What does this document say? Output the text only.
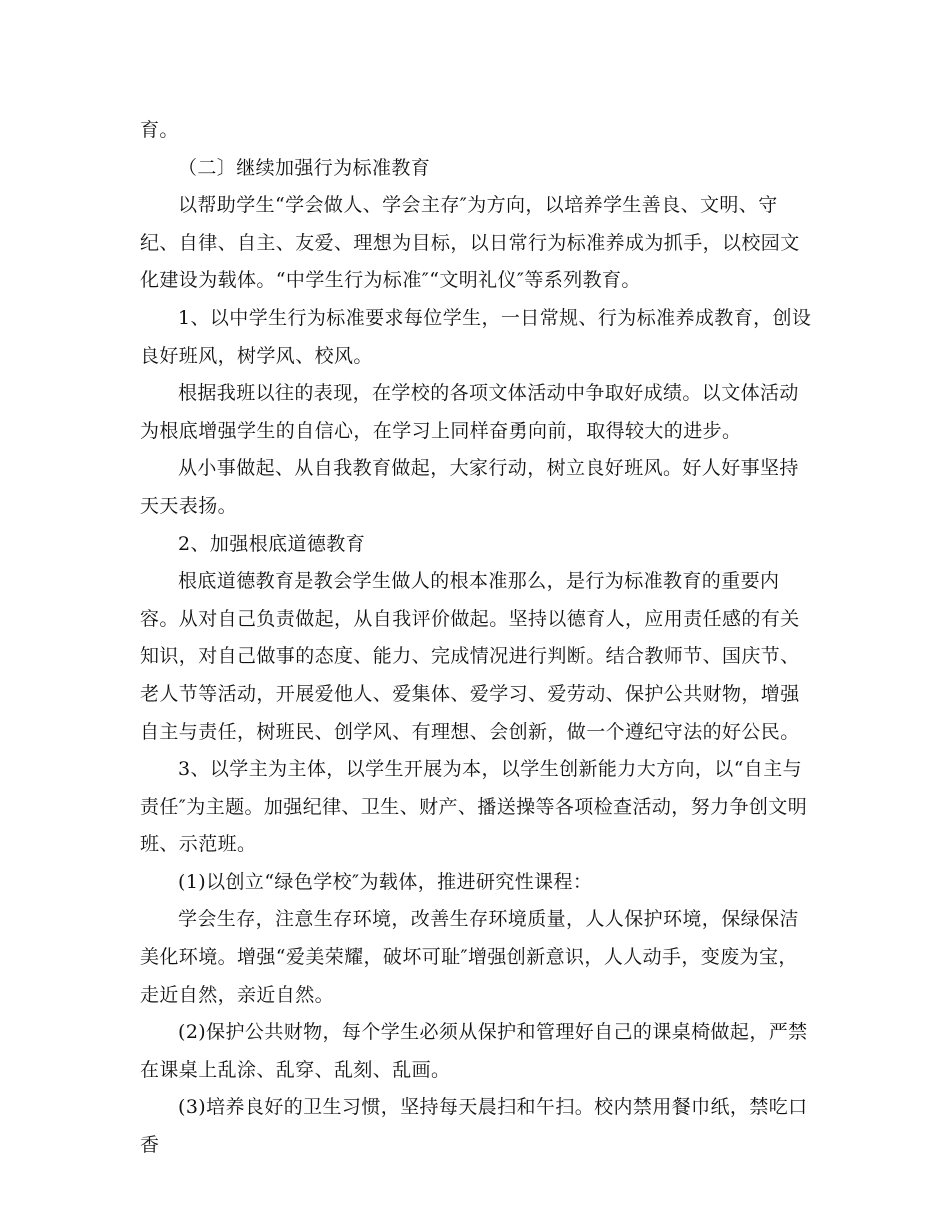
育。

（二〕继续加强行为标准教育

以帮助学生“学会做人、学会主存″为方向，以培养学生善良、文明、守纪、自律、自主、友爱、理想为目标，以日常行为标准养成为抓手，以校园文化建设为载体。“中学生行为标准″“文明礼仪″等系列教育。

1、以中学生行为标准要求每位学生，一日常规、行为标准养成教育，创设良好班风，树学风、校风。

根据我班以往的表现，在学校的各项文体活动中争取好成绩。以文体活动为根底增强学生的自信心，在学习上同样奋勇向前，取得较大的进步。

从小事做起、从自我教育做起，大家行动，树立良好班风。好人好事坚持天天表扬。

2、加强根底道德教育

根底道德教育是教会学生做人的根本准那么，是行为标准教育的重要内容。从对自己负责做起，从自我评价做起。坚持以德育人，应用责任感的有关知识，对自己做事的态度、能力、完成情况进行判断。结合教师节、国庆节、老人节等活动，开展爱他人、爱集体、爱学习、爱劳动、保护公共财物，增强自主与责任，树班民、创学风、有理想、会创新，做一个遵纪守法的好公民。

3、以学主为主体，以学生开展为本，以学生创新能力大方向，以“自主与责任″为主题。加强纪律、卫生、财产、播送操等各项检查活动，努力争创文明班、示范班。

(1)以创立“绿色学校″为载体，推进研究性课程：

学会生存，注意生存环境，改善生存环境质量，人人保护环境，保绿保洁美化环境。增强“爱美荣耀，破坏可耻″增强创新意识，人人动手，变废为宝，走近自然，亲近自然。

(2)保护公共财物，每个学生必须从保护和管理好自己的课桌椅做起，严禁在课桌上乱涂、乱穿、乱刻、乱画。

(3)培养良好的卫生习惯，坚持每天晨扫和午扫。校内禁用餐巾纸，禁吃口香
